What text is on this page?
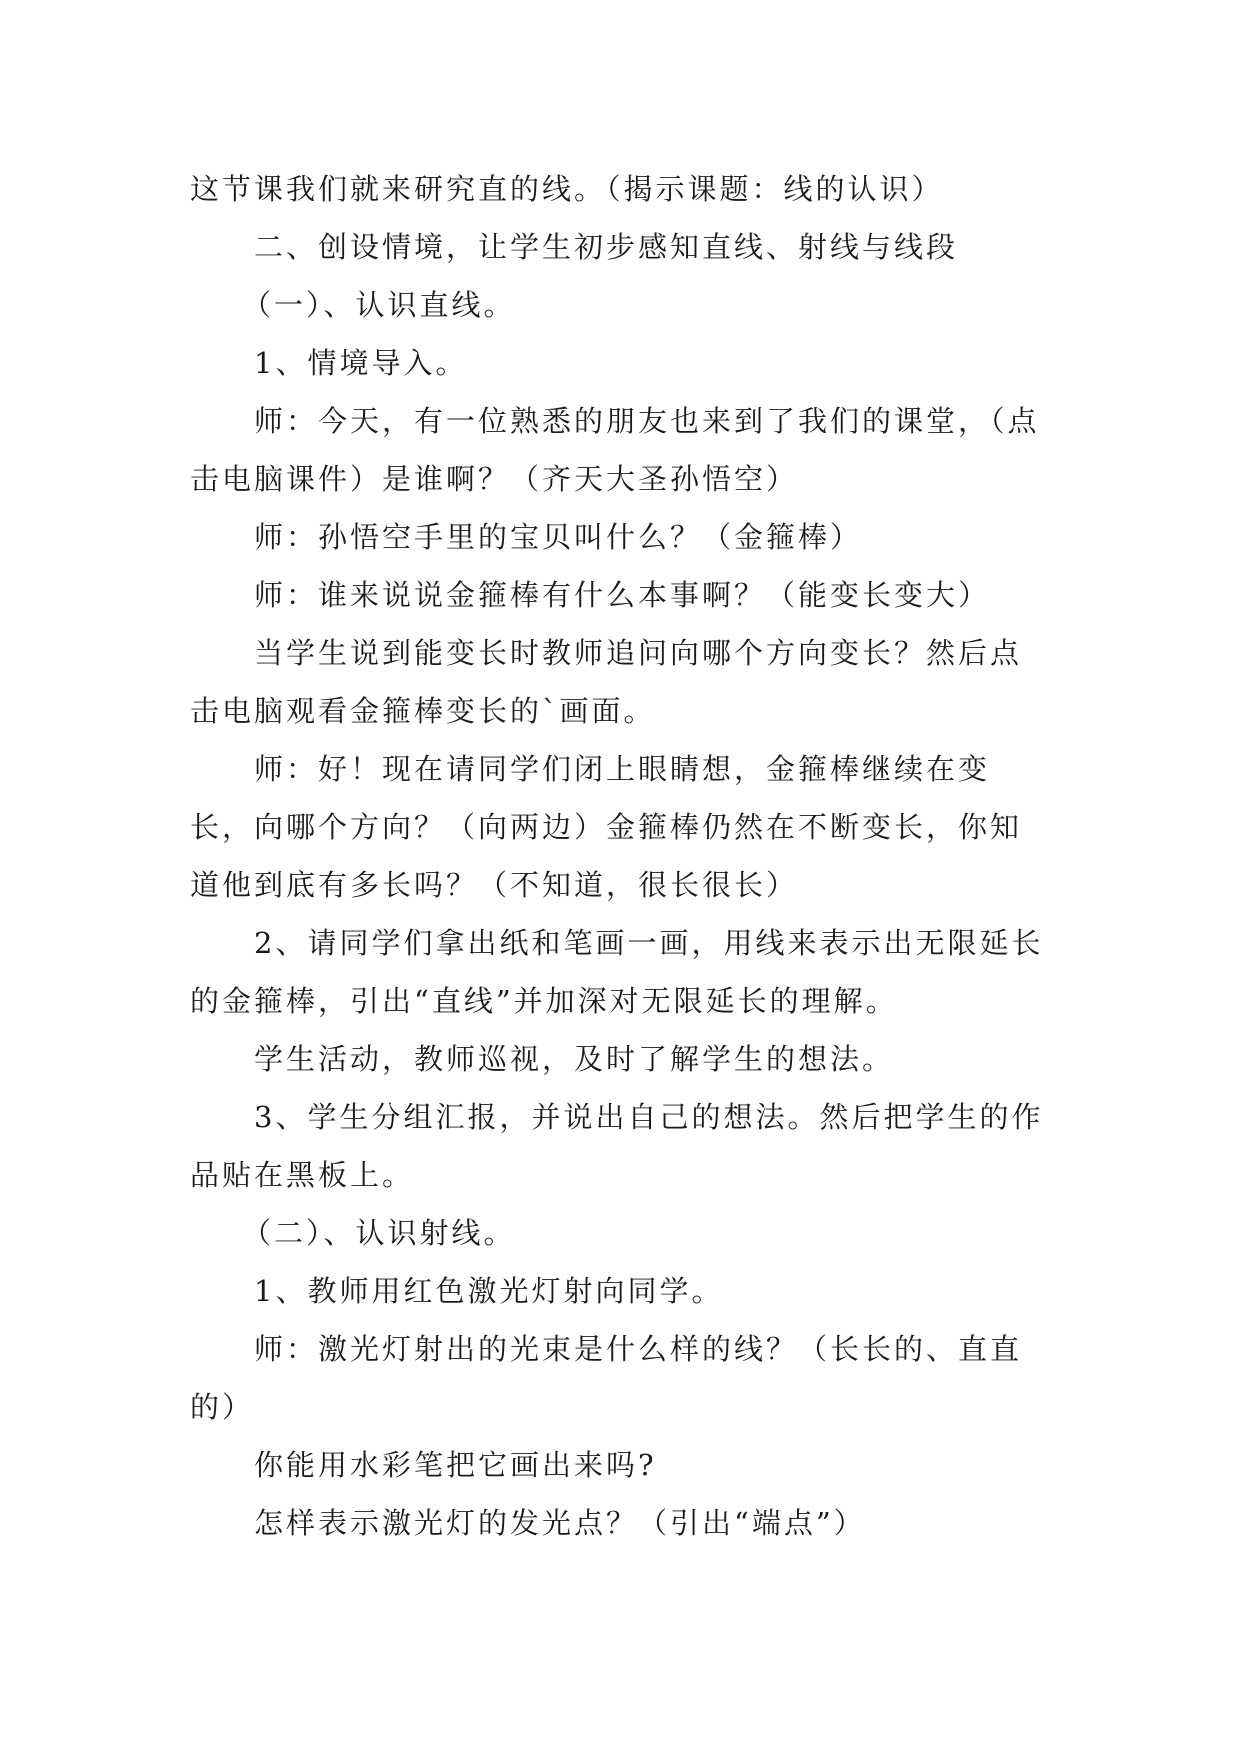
这节课我们就来研究直的线。（揭示课题：线的认识）

二、创设情境，让学生初步感知直线、射线与线段

（一）、认识直线。

1、情境导入。

师：今天，有一位熟悉的朋友也来到了我们的课堂，（点击电脑课件）是谁啊？（齐天大圣孙悟空）

师：孙悟空手里的宝贝叫什么？（金箍棒）

师：谁来说说金箍棒有什么本事啊？（能变长变大）

当学生说到能变长时教师追问向哪个方向变长？然后点击电脑观看金箍棒变长的`画面。

师：好！现在请同学们闭上眼睛想，金箍棒继续在变长，向哪个方向？（向两边）金箍棒仍然在不断变长，你知道他到底有多长吗？（不知道，很长很长）

2、请同学们拿出纸和笔画一画，用线来表示出无限延长的金箍棒，引出“直线”并加深对无限延长的理解。

学生活动，教师巡视，及时了解学生的想法。

3、学生分组汇报，并说出自己的想法。然后把学生的作品贴在黑板上。

（二）、认识射线。

1、教师用红色激光灯射向同学。

师：激光灯射出的光束是什么样的线？（长长的、直直的）

你能用水彩笔把它画出来吗?

怎样表示激光灯的发光点？（引出“端点”）
